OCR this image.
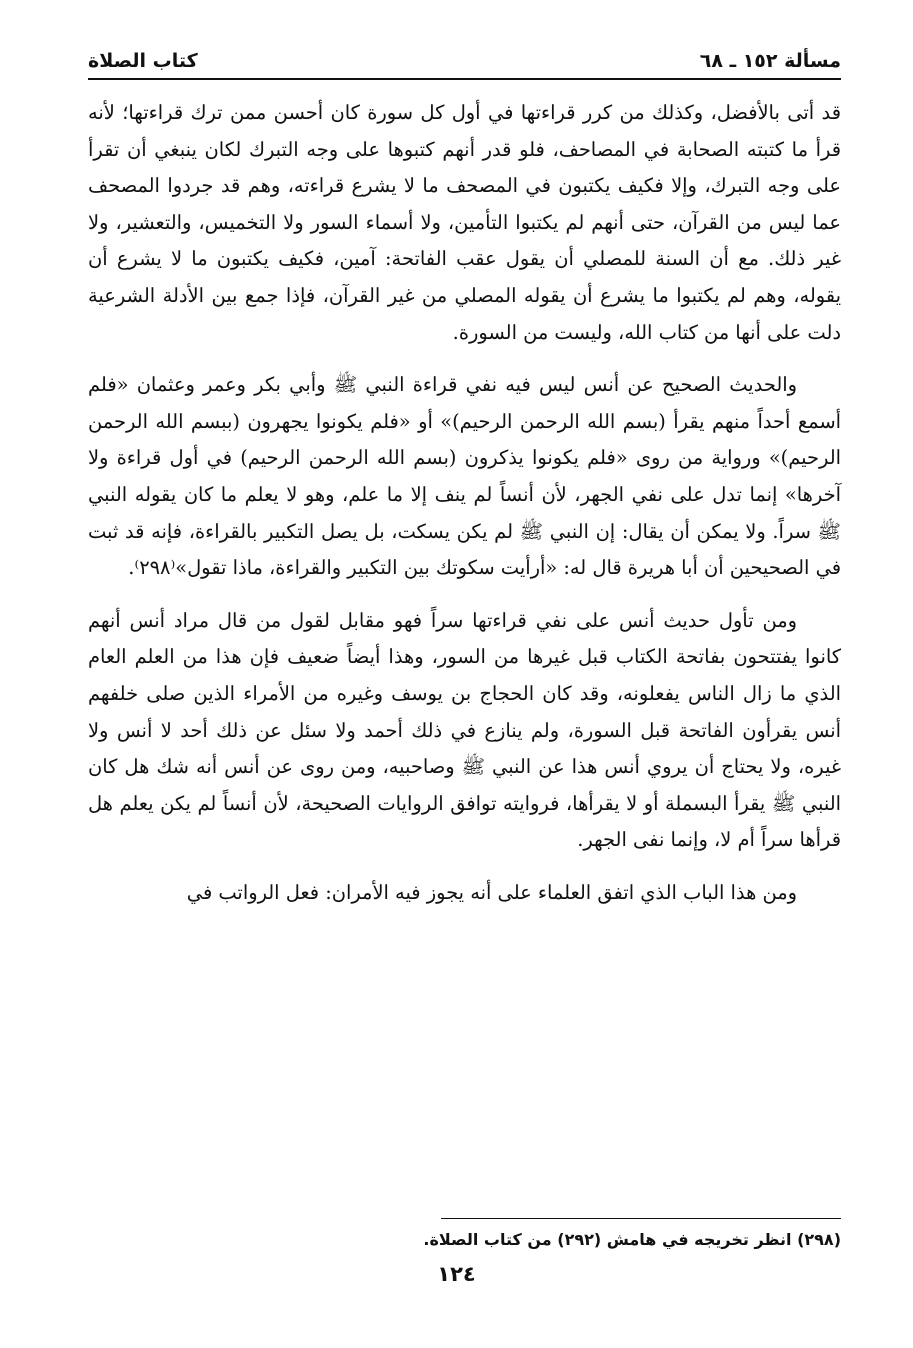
مسألة ١٥٢ ـ ٦٨
كتاب الصلاة

قد أتى بالأفضل، وكذلك من كرر قراءتها في أول كل سورة كان أحسن ممن ترك قراءتها؛ لأنه قرأ ما كتبته الصحابة في المصاحف، فلو قدر أنهم كتبوها على وجه التبرك لكان ينبغي أن تقرأ على وجه التبرك، وإلا فكيف يكتبون في المصحف ما لا يشرع قراءته، وهم قد جردوا المصحف عما ليس من القرآن، حتى أنهم لم يكتبوا التأمين، ولا أسماء السور ولا التخميس، والتعشير، ولا غير ذلك. مع أن السنة للمصلي أن يقول عقب الفاتحة: آمين، فكيف يكتبون ما لا يشرع أن يقوله، وهم لم يكتبوا ما يشرع أن يقوله المصلي من غير القرآن، فإذا جمع بين الأدلة الشرعية دلت على أنها من كتاب الله، وليست من السورة.

والحديث الصحيح عن أنس ليس فيه نفي قراءة النبي ﷺ وأبي بكر وعمر وعثمان «فلم أسمع أحداً منهم يقرأ (بسم الله الرحمن الرحيم)» أو «فلم يكونوا يجهرون (ببسم الله الرحمن الرحيم)» ورواية من روى «فلم يكونوا يذكرون (بسم الله الرحمن الرحيم) في أول قراءة ولا آخرها» إنما تدل على نفي الجهر، لأن أنساً لم ينف إلا ما علم، وهو لا يعلم ما كان يقوله النبي ﷺ سراً. ولا يمكن أن يقال: إن النبي ﷺ لم يكن يسكت، بل يصل التكبير بالقراءة، فإنه قد ثبت في الصحيحين أن أبا هريرة قال له: «أرأيت سكوتك بين التكبير والقراءة، ماذا تقول»⁽٢٩٨⁾.

ومن تأول حديث أنس على نفي قراءتها سراً فهو مقابل لقول من قال مراد أنس أنهم كانوا يفتتحون بفاتحة الكتاب قبل غيرها من السور، وهذا أيضاً ضعيف فإن هذا من العلم العام الذي ما زال الناس يفعلونه، وقد كان الحجاج بن يوسف وغيره من الأمراء الذين صلى خلفهم أنس يقرأون الفاتحة قبل السورة، ولم ينازع في ذلك أحمد ولا سئل عن ذلك أحد لا أنس ولا غيره، ولا يحتاج أن يروي أنس هذا عن النبي ﷺ وصاحبيه، ومن روى عن أنس أنه شك هل كان النبي ﷺ يقرأ البسملة أو لا يقرأها، فروايته توافق الروايات الصحيحة، لأن أنساً لم يكن يعلم هل قرأها سراً أم لا، وإنما نفى الجهر.

ومن هذا الباب الذي اتفق العلماء على أنه يجوز فيه الأمران: فعل الرواتب في

(٢٩٨) انظر تخريجه في هامش (٢٩٢) من كتاب الصلاة.
١٢٤
